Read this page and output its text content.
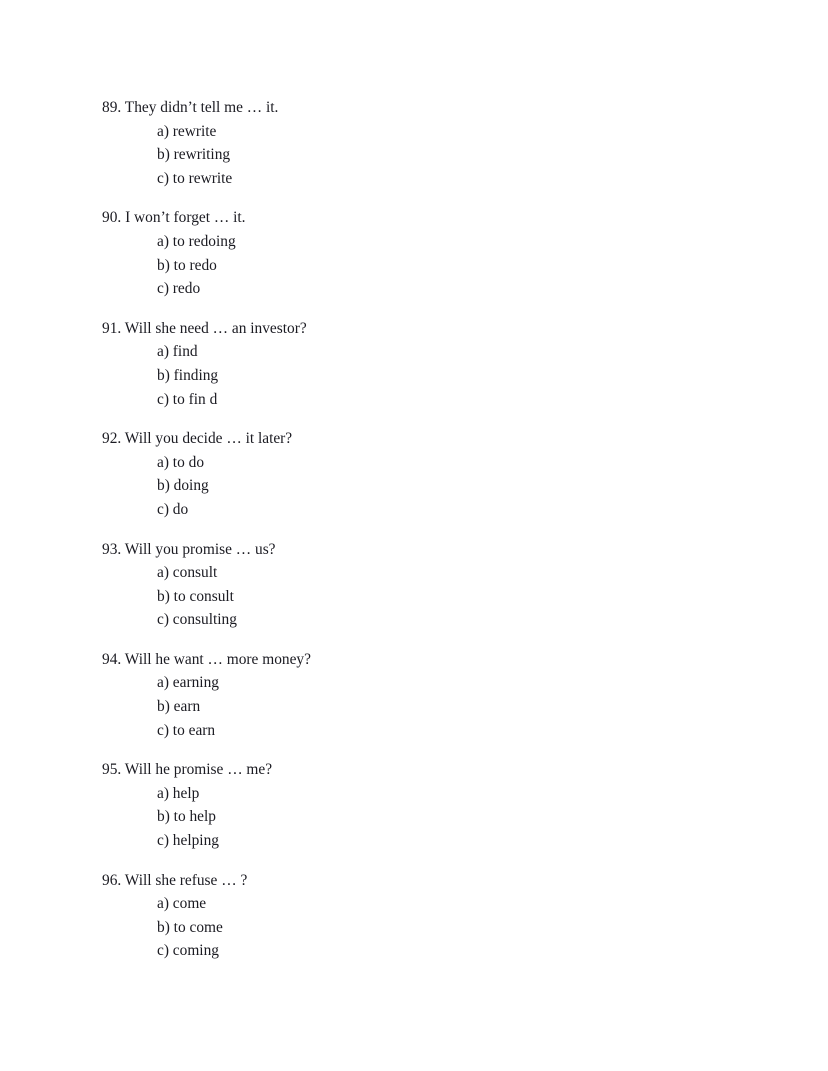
89. They didn’t tell me … it.
a) rewrite
b) rewriting
c) to rewrite
90. I won’t forget … it.
a) to redoing
b) to redo
c) redo
91. Will she need … an investor?
a) find
b) finding
c) to fin d
92. Will you decide … it later?
a) to do
b) doing
c) do
93. Will you promise … us?
a) consult
b) to consult
c) consulting
94. Will he want … more money?
a) earning
b) earn
c) to earn
95. Will he promise … me?
a) help
b) to help
c) helping
96. Will she refuse … ?
a) come
b) to come
c) coming
